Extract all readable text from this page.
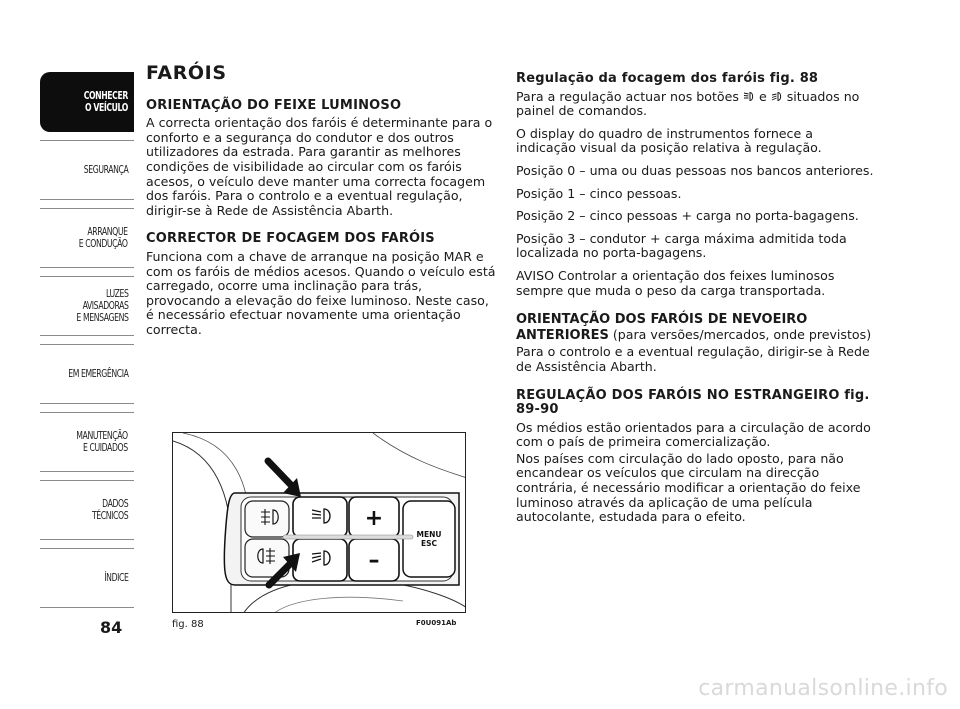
CONHECER
O VEÍCULO
SEGURANÇA
ARRANQUE
E CONDUÇÃO
LUZES
AVISADORAS
E MENSAGENS
EM EMERGÊNCIA
MANUTENÇÃO
E CUIDADOS
DADOS
TÉCNICOS
ÍNDICE
84
FARÓIS
ORIENTAÇÃO DO FEIXE LUMINOSO
A correcta orientação dos faróis é determinante para o conforto e a segurança do condutor e dos outros utilizadores da estrada. Para garantir as melhores condições de visibilidade ao circular com os faróis acesos, o veículo deve manter uma correcta focagem dos faróis. Para o controlo e a eventual regulação, dirigir-se à Rede de Assistência Abarth.
CORRECTOR DE FOCAGEM DOS FARÓIS
Funciona com a chave de arranque na posição MAR e com os faróis de médios acesos. Quando o veículo está carregado, ocorre uma inclinação para trás, provocando a elevação do feixe luminoso. Neste caso, é necessário efectuar novamente uma orientação correcta.
Regulação da focagem dos faróis fig. 88
Para a regulação actuar nos botões e situados no painel de comandos.
O display do quadro de instrumentos fornece a indicação visual da posição relativa à regulação.
Posição 0 – uma ou duas pessoas nos bancos anteriores.
Posição 1 – cinco pessoas.
Posição 2 – cinco pessoas + carga no porta-bagagens.
Posição 3 – condutor + carga máxima admitida toda localizada no porta-bagagens.
AVISO Controlar a orientação dos feixes luminosos sempre que muda o peso da carga transportada.
ORIENTAÇÃO DOS FARÓIS DE NEVOEIRO ANTERIORES (para versões/mercados, onde previstos)
Para o controlo e a eventual regulação, dirigir-se à Rede de Assistência Abarth.
REGULAÇÃO DOS FARÓIS NO ESTRANGEIRO fig. 89-90
Os médios estão orientados para a circulação de acordo com o país de primeira comercialização.
Nos países com circulação do lado oposto, para não encandear os veículos que circulam na direcção contrária, é necessário modificar a orientação do feixe luminoso através da aplicação de uma película autocolante, estudada para o efeito.
+
–
MENU
ESC
fig. 88	F0U091Ab
carmanualsonline.info
